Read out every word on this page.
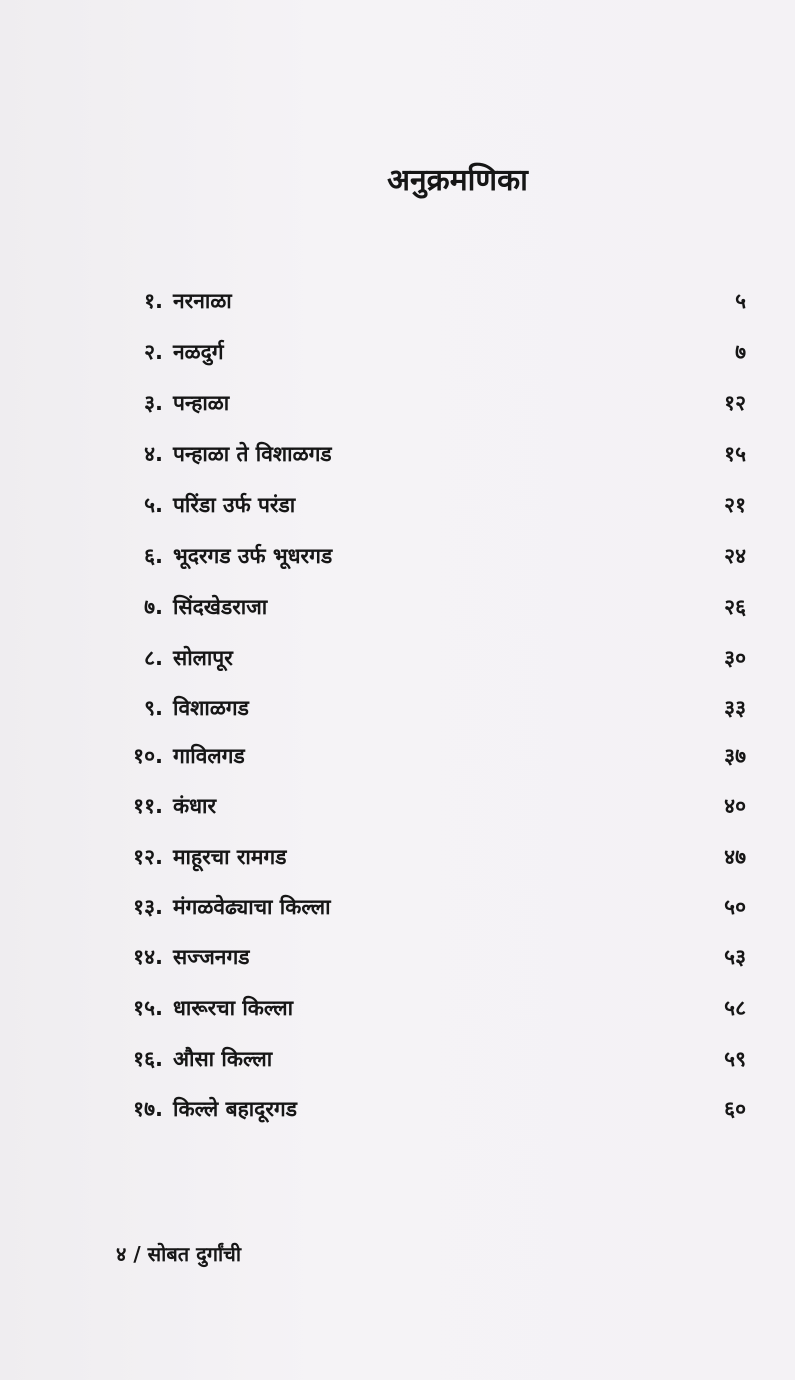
अनुक्रमणिका
१. नरनाळा	५
२. नळदुर्ग	७
३. पन्हाळा	१२
४. पन्हाळा ते विशाळगड	१५
५. परिंडा उर्फ परंडा	२१
६. भूदरगड उर्फ भूधरगड	२४
७. सिंदखेडराजा	२६
८. सोलापूर	३०
९. विशाळगड	३३
१०. गाविलगड	३७
११. कंधार	४०
१२. माहूरचा रामगड	४७
१३. मंगळवेढ्याचा किल्ला	५०
१४. सज्जनगड	५३
१५. धारूरचा किल्ला	५८
१६. औसा किल्ला	५९
१७. किल्ले बहादूरगड	६०
४ / सोबत दुर्गांची
